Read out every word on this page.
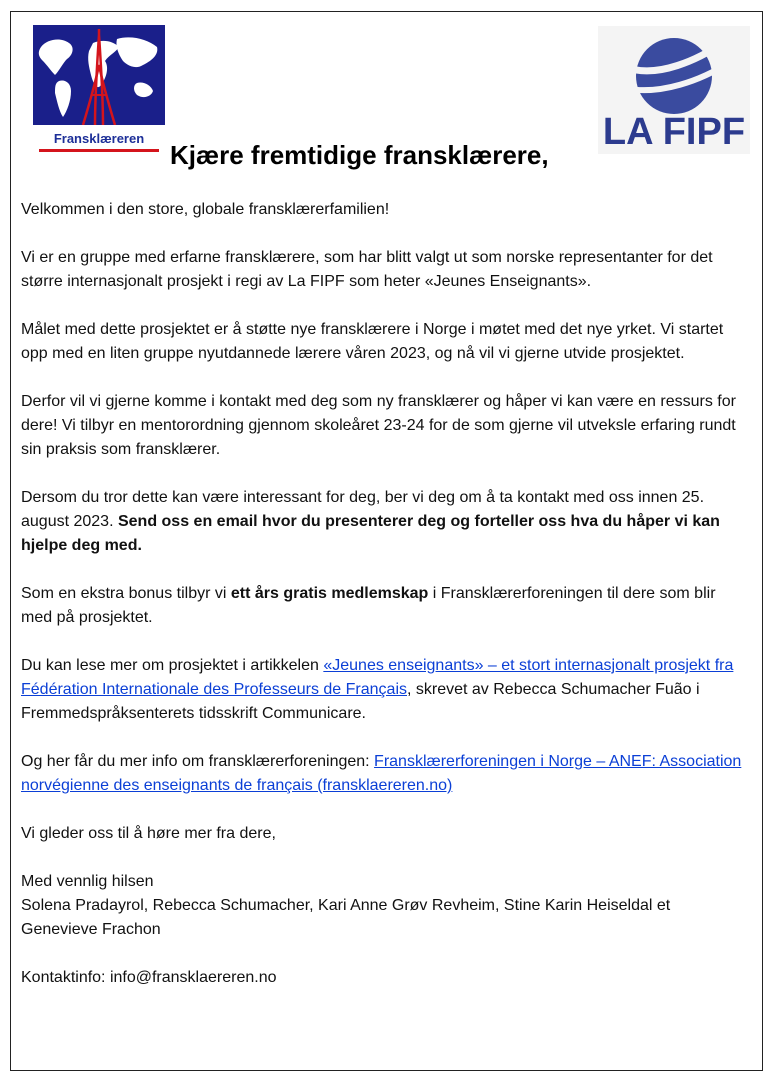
Fransklæreren	LA FIPF
Kjære fremtidige fransklærere,

Velkommen i den store, globale fransklærerfamilien!

Vi er en gruppe med erfarne fransklærere, som har blitt valgt ut som norske representanter for det større internasjonalt prosjekt i regi av La FIPF som heter «Jeunes Enseignants».

Målet med dette prosjektet er å støtte nye fransklærere i Norge i møtet med det nye yrket. Vi startet opp med en liten gruppe nyutdannede lærere våren 2023, og nå vil vi gjerne utvide prosjektet.

Derfor vil vi gjerne komme i kontakt med deg som ny fransklærer og håper vi kan være en ressurs for dere! Vi tilbyr en mentorordning gjennom skoleåret 23-24 for de som gjerne vil utveksle erfaring rundt sin praksis som fransklærer.

Dersom du tror dette kan være interessant for deg, ber vi deg om å ta kontakt med oss innen 25. august 2023. Send oss en email hvor du presenterer deg og forteller oss hva du håper vi kan hjelpe deg med.

Som en ekstra bonus tilbyr vi ett års gratis medlemskap i Fransklærerforeningen til dere som blir med på prosjektet.

Du kan lese mer om prosjektet i artikkelen «Jeunes enseignants» – et stort internasjonalt prosjekt fra Fédération Internationale des Professeurs de Français, skrevet av Rebecca Schumacher Fuão i Fremmedspråksenterets tidsskrift Communicare.

Og her får du mer info om fransklærerforeningen: Fransklærerforeningen i Norge – ANEF: Association norvégienne des enseignants de français (fransklaereren.no)

Vi gleder oss til å høre mer fra dere,

Med vennlig hilsen
Solena Pradayrol, Rebecca Schumacher, Kari Anne Grøv Revheim, Stine Karin Heiseldal et Genevieve Frachon

Kontaktinfo: info@fransklaereren.no
